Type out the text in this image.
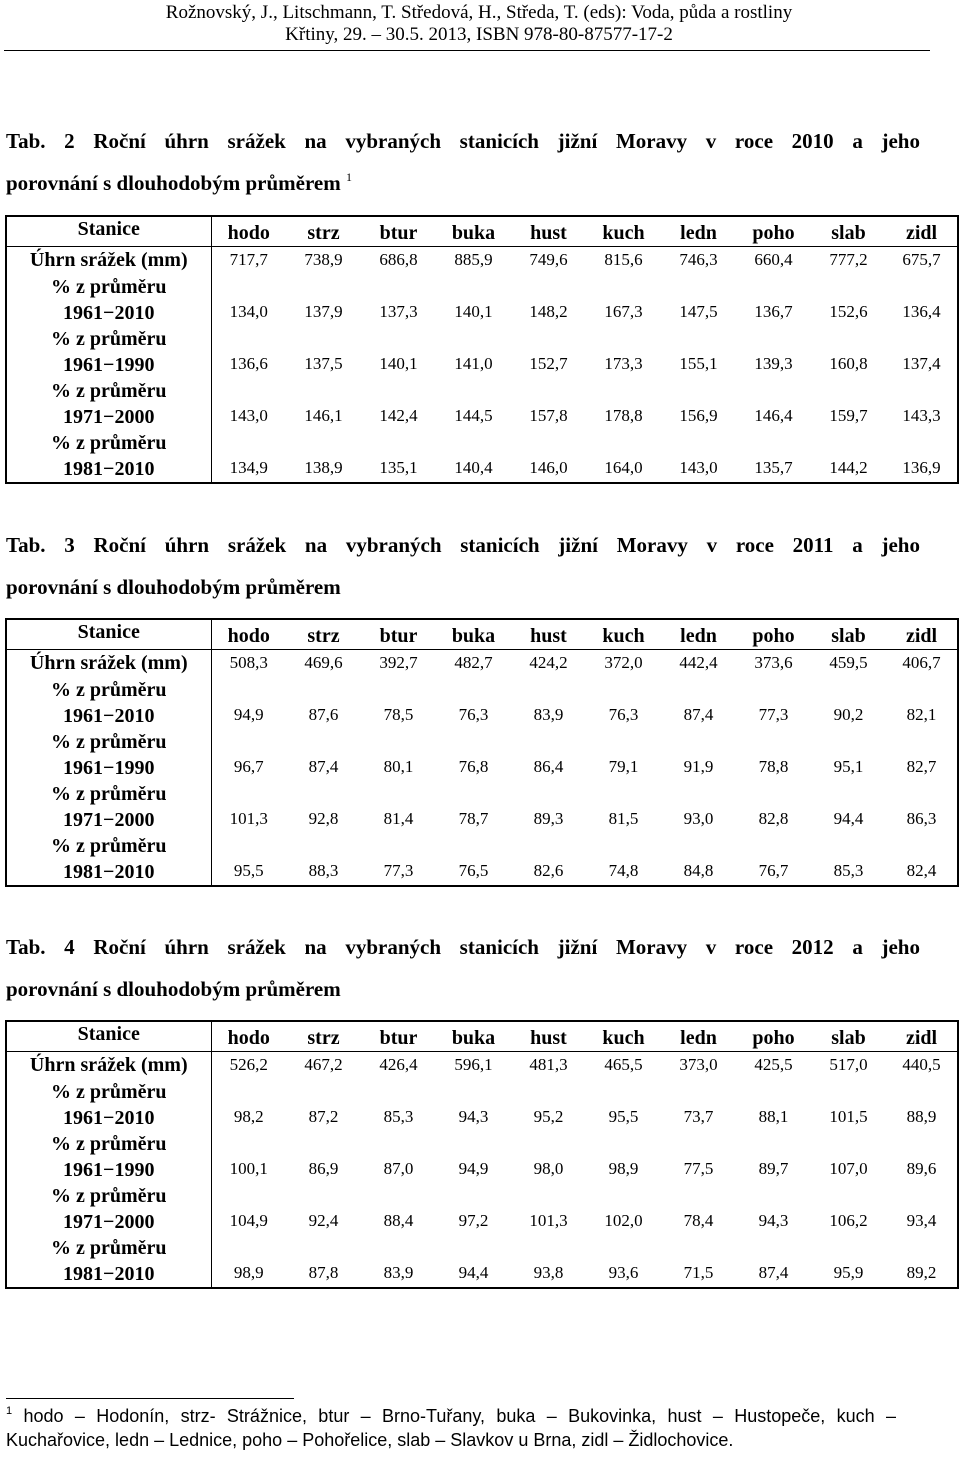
Rožnovský, J., Litschmann, T. Středová, H., Středa, T. (eds): Voda, půda a rostliny
Křtiny, 29. – 30.5. 2013, ISBN 978-80-87577-17-2
Tab. 2 Roční úhrn srážek na vybraných stanicích jižní Moravy v roce 2010 a jeho

porovnání s dlouhodobým průměrem $^1$
Stanice	hodo	strz	btur	buka	hust	kuch	ledn	poho	slab	zidl
Úhrn srážek (mm)	717,7	738,9	686,8	885,9	749,6	815,6	746,3	660,4	777,2	675,7

% z průměru
1961−2010	134,0	137,9	137,3	140,1	148,2	167,3	147,5	136,7	152,6	136,4

% z průměru
1961−1990	136,6	137,5	140,1	141,0	152,7	173,3	155,1	139,3	160,8	137,4

% z průměru
1971−2000	143,0	146,1	142,4	144,5	157,8	178,8	156,9	146,4	159,7	143,3

% z průměru
1981−2010	134,9	138,9	135,1	140,4	146,0	164,0	143,0	135,7	144,2	136,9
Tab. 3 Roční úhrn srážek na vybraných stanicích jižní Moravy v roce 2011 a jeho

porovnání s dlouhodobým průměrem
Stanice	hodo	strz	btur	buka	hust	kuch	ledn	poho	slab	zidl
Úhrn srážek (mm)	508,3	469,6	392,7	482,7	424,2	372,0	442,4	373,6	459,5	406,7

% z průměru
1961−2010	94,9	87,6	78,5	76,3	83,9	76,3	87,4	77,3	90,2	82,1

% z průměru
1961−1990	96,7	87,4	80,1	76,8	86,4	79,1	91,9	78,8	95,1	82,7

% z průměru
1971−2000	101,3	92,8	81,4	78,7	89,3	81,5	93,0	82,8	94,4	86,3

% z průměru
1981−2010	95,5	88,3	77,3	76,5	82,6	74,8	84,8	76,7	85,3	82,4
Tab. 4 Roční úhrn srážek na vybraných stanicích jižní Moravy v roce 2012 a jeho

porovnání s dlouhodobým průměrem
Stanice	hodo	strz	btur	buka	hust	kuch	ledn	poho	slab	zidl
Úhrn srážek (mm)	526,2	467,2	426,4	596,1	481,3	465,5	373,0	425,5	517,0	440,5

% z průměru
1961−2010	98,2	87,2	85,3	94,3	95,2	95,5	73,7	88,1	101,5	88,9

% z průměru
1961−1990	100,1	86,9	87,0	94,9	98,0	98,9	77,5	89,7	107,0	89,6

% z průměru
1971−2000	104,9	92,4	88,4	97,2	101,3	102,0	78,4	94,3	106,2	93,4

% z průměru
1981−2010	98,9	87,8	83,9	94,4	93,8	93,6	71,5	87,4	95,9	89,2
$^1$ hodo – Hodonín, strz- Strážnice, btur – Brno-Tuřany, buka – Bukovinka, hust – Hustopeče, kuch – Kuchařovice, ledn – Lednice, poho – Pohořelice, slab – Slavkov u Brna, zidl – Židlochovice.
